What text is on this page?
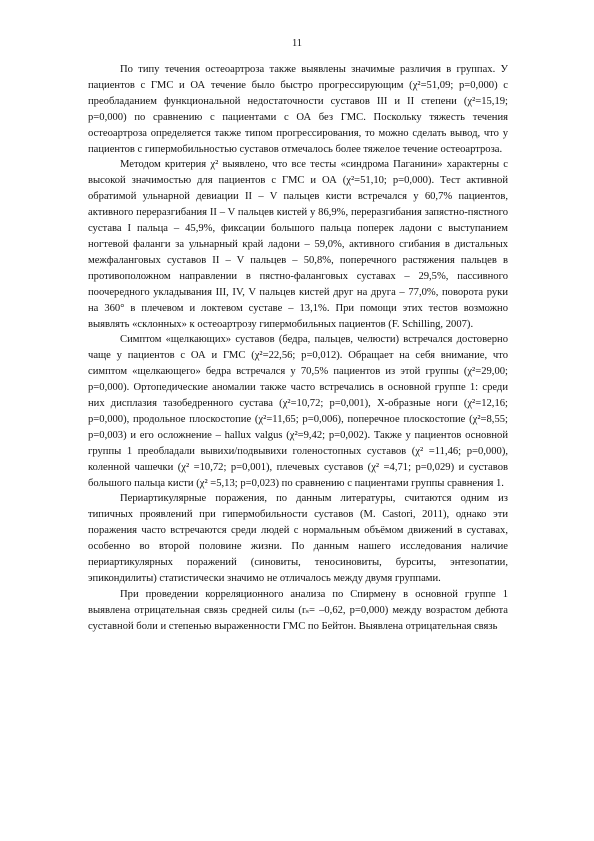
11

По типу течения остеоартроза также выявлены значимые различия в группах. У пациентов с ГМС и ОА течение было быстро прогрессирующим (χ²=51,09; p=0,000) с преобладанием функциональной недостаточности суставов III и II степени (χ²=15,19; p=0,000) по сравнению с пациентами с ОА без ГМС. Поскольку тяжесть течения остеоартроза определяется также типом прогрессирования, то можно сделать вывод, что у пациентов с гипермобильностью суставов отмечалось более тяжелое течение остеоартроза.

Методом критерия χ² выявлено, что все тесты «синдрома Паганини» характерны с высокой значимостью для пациентов с ГМС и ОА (χ²=51,10; p=0,000). Тест активной обратимой ульнарной девиации II – V пальцев кисти встречался у 60,7% пациентов, активного переразгибания II – V пальцев кистей у 86,9%, переразгибания запястно-пястного сустава I пальца – 45,9%, фиксации большого пальца поперек ладони с выступанием ногтевой фаланги за ульнарный край ладони – 59,0%, активного сгибания в дистальных межфаланговых суставов II – V пальцев – 50,8%, поперечного растяжения пальцев в противоположном направлении в пястно-фаланговых суставах – 29,5%, пассивного поочередного укладывания III, IV, V пальцев кистей друг на друга – 77,0%, поворота руки на 360° в плечевом и локтевом суставе – 13,1%. При помощи этих тестов возможно выявлять «склонных» к остеоартрозу гипермобильных пациентов (F. Schilling, 2007).

Симптом «щелкающих» суставов (бедра, пальцев, челюсти) встречался достоверно чаще у пациентов с ОА и ГМС (χ²=22,56; p=0,012). Обращает на себя внимание, что симптом «щелкающего» бедра встречался у 70,5% пациентов из этой группы (χ²=29,00; p=0,000). Ортопедические аномалии также часто встречались в основной группе 1: среди них дисплазия тазобедренного сустава (χ²=10,72; p=0,001), Х-образные ноги (χ²=12,16; p=0,000), продольное плоскостопие (χ²=11,65; p=0,006), поперечное плоскостопие (χ²=8,55; p=0,003) и его осложнение – hallux valgus (χ²=9,42; p=0,002). Также у пациентов основной группы 1 преобладали вывихи/подвывихи голеностопных суставов (χ² =11,46; p=0,000), коленной чашечки (χ² =10,72; p=0,001), плечевых суставов (χ² =4,71; p=0,029) и суставов большого пальца кисти (χ² =5,13; p=0,023) по сравнению с пациентами группы сравнения 1.

Периартикулярные поражения, по данным литературы, считаются одним из типичных проявлений при гипермобильности суставов (M. Castori, 2011), однако эти поражения часто встречаются среди людей с нормальным объёмом движений в суставах, особенно во второй половине жизни. По данным нашего исследования наличие периартикулярных поражений (синовиты, теносиновиты, бурситы, энтезопатии, эпикондилиты) статистически значимо не отличалось между двумя группами.

При проведении корреляционного анализа по Спирмену в основной группе 1 выявлена отрицательная связь средней силы (rₛ= –0,62, p=0,000) между возрастом дебюта суставной боли и степенью выраженности ГМС по Бейтон. Выявлена отрицательная связь
